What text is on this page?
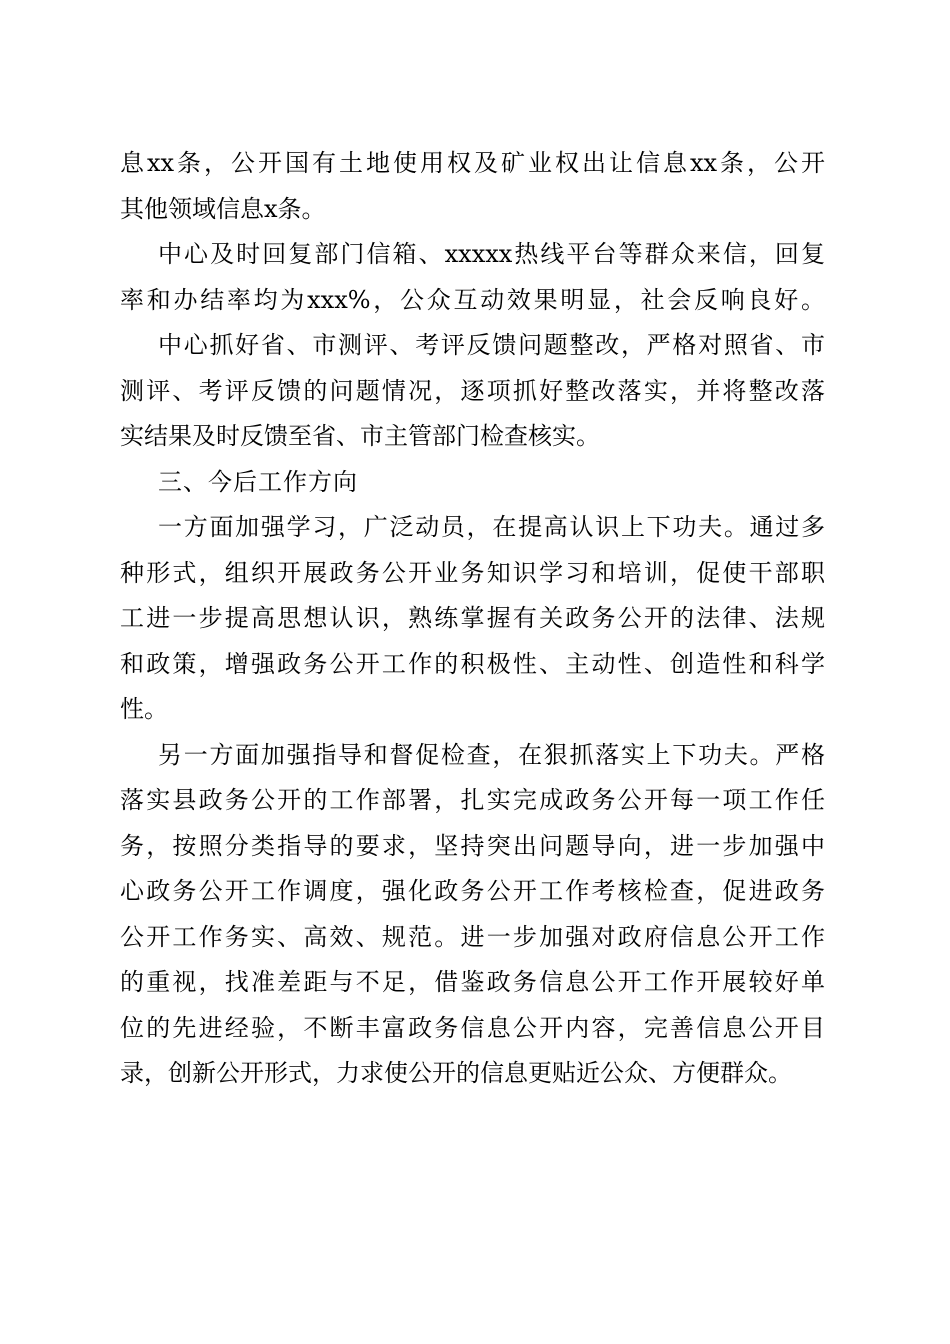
息xx条，公开国有土地使用权及矿业权出让信息xx条，公开
其他领域信息x条。
中心及时回复部门信箱、xxxxx热线平台等群众来信，回复
率和办结率均为xxx%，公众互动效果明显，社会反响良好。
中心抓好省、市测评、考评反馈问题整改，严格对照省、市
测评、考评反馈的问题情况，逐项抓好整改落实，并将整改落
实结果及时反馈至省、市主管部门检查核实。
三、今后工作方向
一方面加强学习，广泛动员，在提高认识上下功夫。通过多
种形式，组织开展政务公开业务知识学习和培训，促使干部职
工进一步提高思想认识，熟练掌握有关政务公开的法律、法规
和政策，增强政务公开工作的积极性、主动性、创造性和科学
性。
另一方面加强指导和督促检查，在狠抓落实上下功夫。严格
落实县政务公开的工作部署，扎实完成政务公开每一项工作任
务，按照分类指导的要求，坚持突出问题导向，进一步加强中
心政务公开工作调度，强化政务公开工作考核检查，促进政务
公开工作务实、高效、规范。进一步加强对政府信息公开工作
的重视，找准差距与不足，借鉴政务信息公开工作开展较好单
位的先进经验，不断丰富政务信息公开内容，完善信息公开目
录，创新公开形式，力求使公开的信息更贴近公众、方便群众。
